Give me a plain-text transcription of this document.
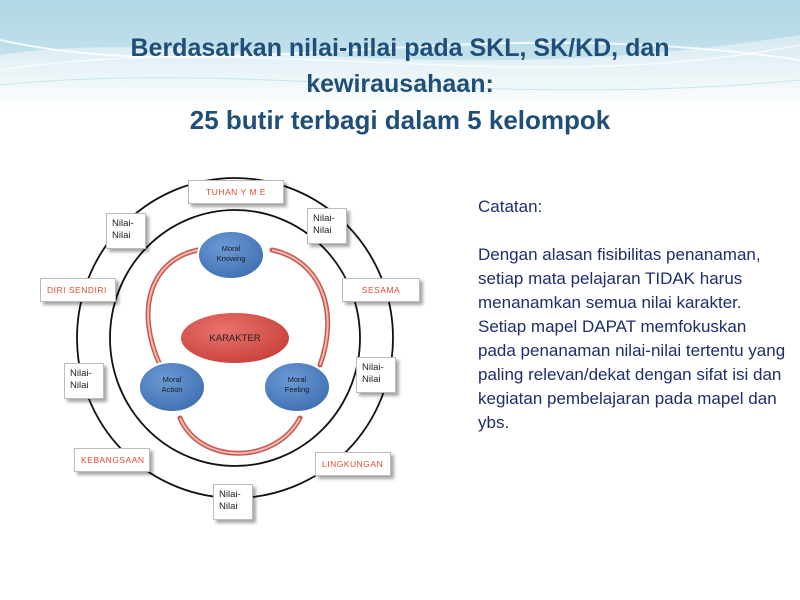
Berdasarkan nilai-nilai pada SKL, SK/KD, dan
kewirausahaan:
25 butir terbagi dalam 5 kelompok
Moral
Knowing
KARAKTER
Moral
Action
Moral
Feeling
TUHAN Y M E
DIRI SENDIRI	SESAMA
KEBANGSAAN	LINGKUNGAN
Nilai-
Nilai
Nilai-
Nilai
Nilai-
Nilai
Nilai-
Nilai
Nilai-
Nilai

Catatan:

Dengan alasan fisibilitas penanaman, setiap mata pelajaran TIDAK harus menanamkan semua nilai karakter. Setiap mapel DAPAT memfokuskan pada penanaman nilai-nilai tertentu yang paling relevan/dekat dengan sifat isi dan kegiatan pembelajaran pada mapel dan ybs.
